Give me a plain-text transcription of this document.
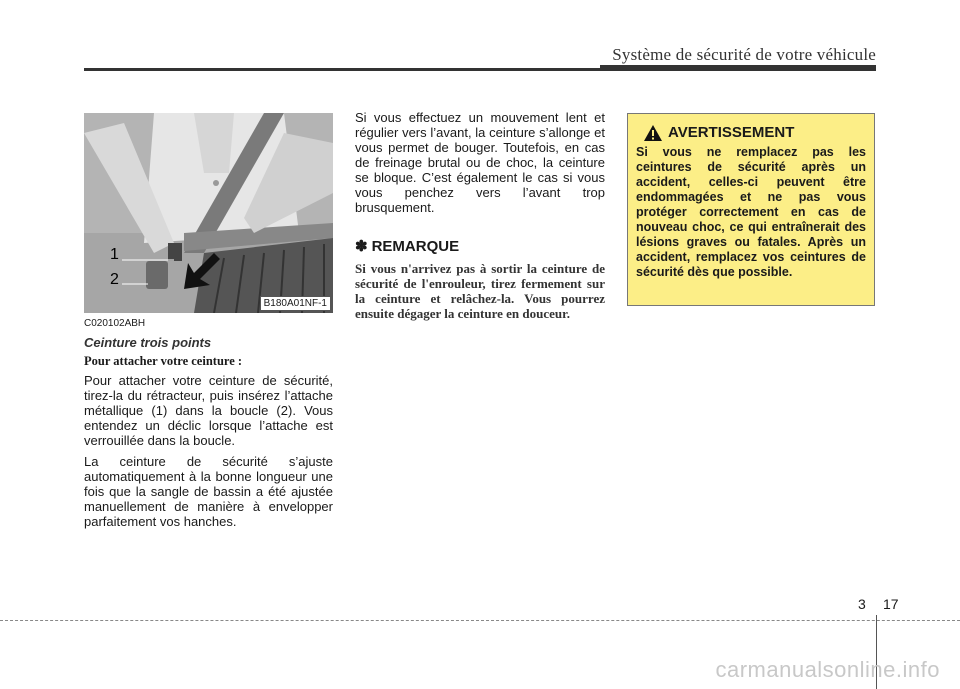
Système de sécurité de votre véhicule
1
2
B180A01NF-1

C020102ABH

Ceinture trois points

Pour attacher votre ceinture :

Pour attacher votre ceinture de sécurité, tirez-la du rétracteur, puis insérez l’attache métallique (1) dans la boucle (2). Vous entendez un déclic lorsque l’attache est verrouillée dans la boucle.

La ceinture de sécurité s’ajuste automatiquement à la bonne longueur une fois que la sangle de bassin a été ajustée manuellement de manière à envelopper parfaitement vos hanches.

Si vous effectuez un mouvement lent et régulier vers l’avant, la ceinture s’allonge et vous permet de bouger. Toutefois, en cas de freinage brutal ou de choc, la ceinture se bloque. C’est également le cas si vous vous penchez vers l’avant trop brusquement.

✽ REMARQUE
Si vous n'arrivez pas à sortir la ceinture de sécurité de l'enrouleur, tirez fermement sur la ceinture et relâchez-la. Vous pourrez ensuite dégager la ceinture en douceur.
AVERTISSEMENT
Si vous ne remplacez pas les ceintures de sécurité après un accident, celles-ci peuvent être endommagées et ne pas vous protéger correctement en cas de nouveau choc, ce qui entraînerait des lésions graves ou fatales. Après un accident, remplacez vos ceintures de sécurité dès que possible.
3 17
carmanualsonline.info
